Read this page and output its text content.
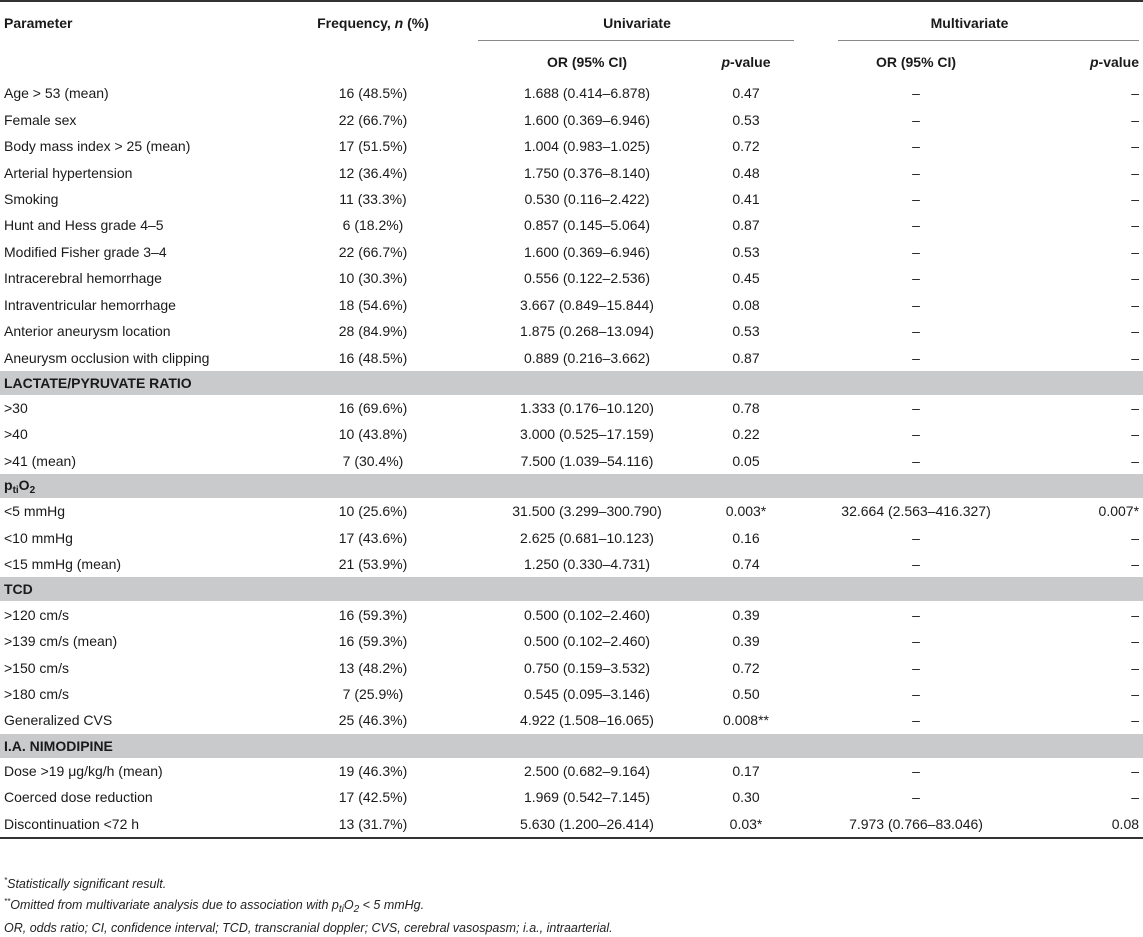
Parameter	Frequency, n (%)	Univariate		Multivariate	
		OR (95% CI)	p-value	OR (95% CI)	p-value
Age > 53 (mean)	16 (48.5%)	1.688 (0.414–6.878)	0.47	–	–
Female sex	22 (66.7%)	1.600 (0.369–6.946)	0.53	–	–
Body mass index > 25 (mean)	17 (51.5%)	1.004 (0.983–1.025)	0.72	–	–
Arterial hypertension	12 (36.4%)	1.750 (0.376–8.140)	0.48	–	–
Smoking	11 (33.3%)	0.530 (0.116–2.422)	0.41	–	–
Hunt and Hess grade 4–5	6 (18.2%)	0.857 (0.145–5.064)	0.87	–	–
Modified Fisher grade 3–4	22 (66.7%)	1.600 (0.369–6.946)	0.53	–	–
Intracerebral hemorrhage	10 (30.3%)	0.556 (0.122–2.536)	0.45	–	–
Intraventricular hemorrhage	18 (54.6%)	3.667 (0.849–15.844)	0.08	–	–
Anterior aneurysm location	28 (84.9%)	1.875 (0.268–13.094)	0.53	–	–
Aneurysm occlusion with clipping	16 (48.5%)	0.889 (0.216–3.662)	0.87	–	–
LACTATE/PYRUVATE RATIO					
>30	16 (69.6%)	1.333 (0.176–10.120)	0.78	–	–
>40	10 (43.8%)	3.000 (0.525–17.159)	0.22	–	–
>41 (mean)	7 (30.4%)	7.500 (1.039–54.116)	0.05	–	–
$p_{ti}O_2$
<5 mmHg	10 (25.6%)	31.500 (3.299–300.790)	0.003*	32.664 (2.563–416.327)	0.007*
<10 mmHg	17 (43.6%)	2.625 (0.681–10.123)	0.16	–	–
<15 mmHg (mean)	21 (53.9%)	1.250 (0.330–4.731)	0.74	–	–
TCD					
>120 cm/s	16 (59.3%)	0.500 (0.102–2.460)	0.39	–	–
>139 cm/s (mean)	16 (59.3%)	0.500 (0.102–2.460)	0.39	–	–
>150 cm/s	13 (48.2%)	0.750 (0.159–3.532)	0.72	–	–
>180 cm/s	7 (25.9%)	0.545 (0.095–3.146)	0.50	–	–
Generalized CVS	25 (46.3%)	4.922 (1.508–16.065)	0.008**	–	–
I.A. NIMODIPINE					
Dose >19 μg/kg/h (mean)	19 (46.3%)	2.500 (0.682–9.164)	0.17	–	–
Coerced dose reduction	17 (42.5%)	1.969 (0.542–7.145)	0.30	–	–
Discontinuation <72 h	13 (31.7%)	5.630 (1.200–26.414)	0.03*	7.973 (0.766–83.046)	0.08
*Statistically significant result.
**Omitted from multivariate analysis due to association with $p_{ti}O_2 < 5$ mmHg.
OR, odds ratio; CI, confidence interval; TCD, transcranial doppler; CVS, cerebral vasospasm; i.a., intraarterial.
